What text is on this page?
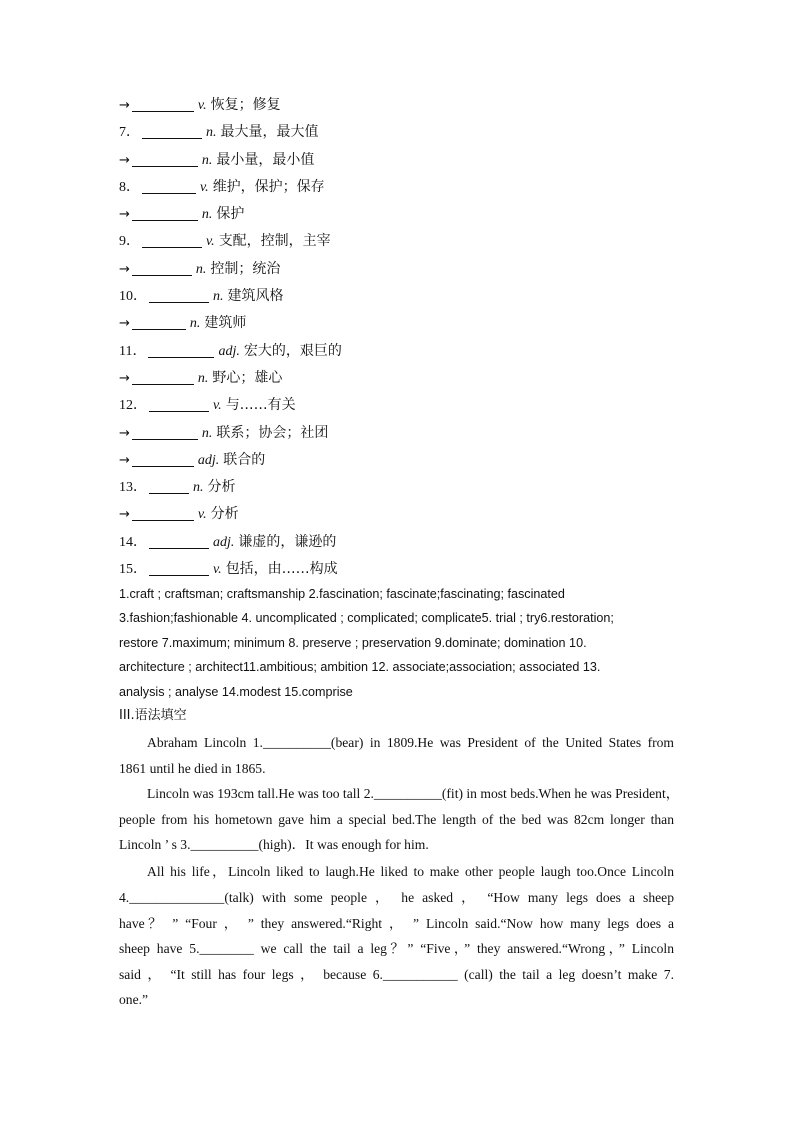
→	v. 恢复；修复
7．	n. 最大量，最大值
→	n. 最小量，最小值
8．	v. 维护，保护；保存
→	n. 保护
9．	v. 支配，控制，主宰
→	n. 控制；统治
10．	n. 建筑风格
→	n. 建筑师
11．	adj. 宏大的，艰巨的
→	n. 野心；雄心
12．	v. 与……有关
→	n. 联系；协会；社团
→	adj. 联合的
13．	n. 分析
→	v. 分析
14．	adj. 谦虚的，谦逊的
15．	v. 包括，由……构成
1.craft ; craftsman; craftsmanship 2.fascination; fascinate;fascinating; fascinated
3.fashion;fashionable 4. uncomplicated ; complicated; complicate5. trial ; try6.restoration;
restore 7.maximum; minimum 8. preserve ; preservation 9.dominate; domination 10.
architecture ; architect11.ambitious; ambition 12. associate;association; associated 13.
analysis ; analyse 14.modest 15.comprise
III.语法填空
Abraham Lincoln 1.__________(bear) in 1809.He was President of the United States from
1861 until he died in 1865.
Lincoln was 193cm tall.He was too tall 2.__________(fit) in most beds.When he was President，
people from his hometown gave him a special bed.The length of the bed was 82cm longer than
Lincoln ’ s 3.__________(high)．It was enough for him.
All his life，Lincoln liked to laugh.He liked to make other people laugh too.Once Lincoln
4.______________(talk) with some people ， he asked ， “How many legs does a sheep
have？ ” “Four ， ” they answered.“Right ， ” Lincoln said.“Now how many legs does a
sheep have 5.________ we call the tail a leg？” “Five，” they answered.“Wrong，” Lincoln
said ， “It still has four legs ， because 6.___________ (call) the tail a leg doesn’t make 7.
one.”
